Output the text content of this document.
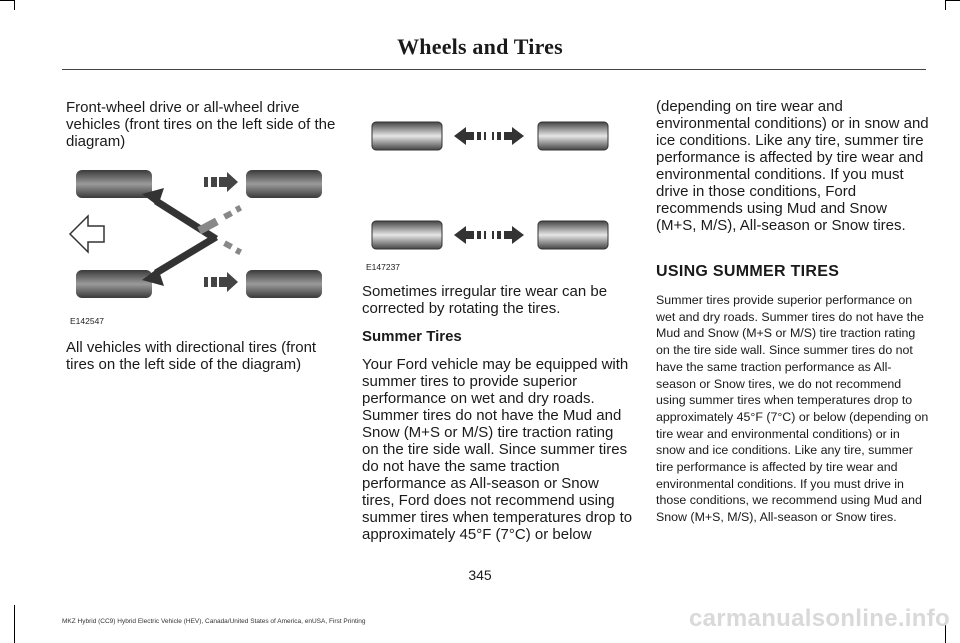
Wheels and Tires

Front-wheel drive or all-wheel drive vehicles (front tires on the left side of the diagram)

E142547

All vehicles with directional tires (front tires on the left side of the diagram)

E147237

Sometimes irregular tire wear can be corrected by rotating the tires.

Summer Tires

Your Ford vehicle may be equipped with summer tires to provide superior performance on wet and dry roads. Summer tires do not have the Mud and Snow (M+S or M/S) tire traction rating on the tire side wall. Since summer tires do not have the same traction performance as All-season or Snow tires, Ford does not recommend using summer tires when temperatures drop to approximately 45°F (7°C) or below

(depending on tire wear and environmental conditions) or in snow and ice conditions. Like any tire, summer tire performance is affected by tire wear and environmental conditions. If you must drive in those conditions, Ford recommends using Mud and Snow (M+S, M/S), All-season or Snow tires.

USING SUMMER TIRES

Summer tires provide superior performance on wet and dry roads. Summer tires do not have the Mud and Snow (M+S or M/S) tire traction rating on the tire side wall. Since summer tires do not have the same traction performance as All-season or Snow tires, we do not recommend using summer tires when temperatures drop to approximately 45°F (7°C) or below (depending on tire wear and environmental conditions) or in snow and ice conditions. Like any tire, summer tire performance is affected by tire wear and environmental conditions. If you must drive in those conditions, we recommend using Mud and Snow (M+S, M/S), All-season or Snow tires.

345
MKZ Hybrid (CC9) Hybrid Electric Vehicle (HEV), Canada/United States of America, enUSA, First Printing	carmanualsonline.info
